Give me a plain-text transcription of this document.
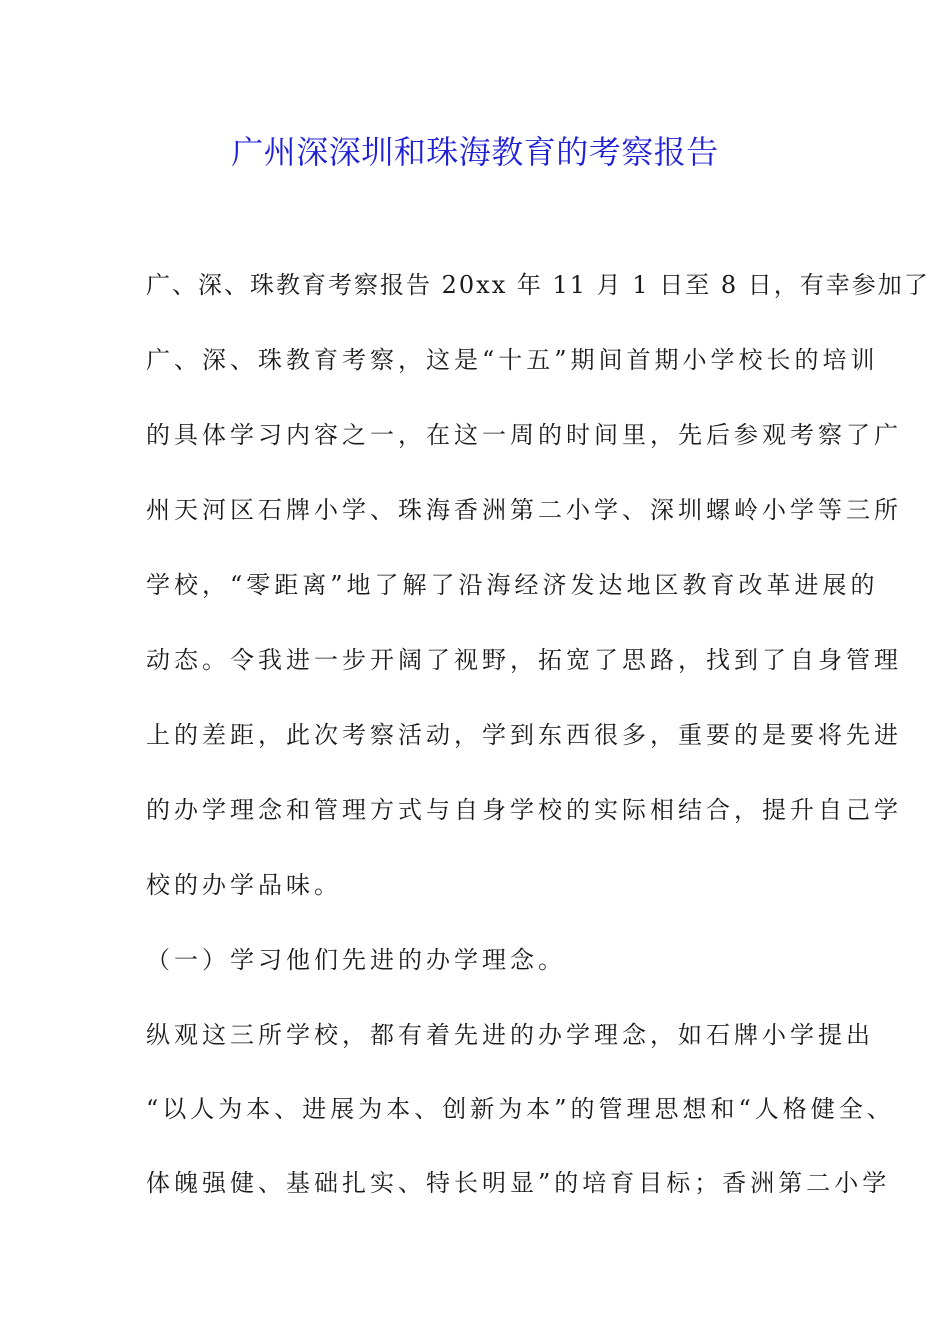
广州深深圳和珠海教育的考察报告
广、深、珠教育考察报告 20xx 年 11 月 1 日至 8 日，有幸参加了
广、深、珠教育考察，这是“十五”期间首期小学校长的培训
的具体学习内容之一，在这一周的时间里，先后参观考察了广
州天河区石牌小学、珠海香洲第二小学、深圳螺岭小学等三所
学校，“零距离”地了解了沿海经济发达地区教育改革进展的
动态。令我进一步开阔了视野，拓宽了思路，找到了自身管理
上的差距，此次考察活动，学到东西很多，重要的是要将先进
的办学理念和管理方式与自身学校的实际相结合，提升自己学
校的办学品味。
（一）学习他们先进的办学理念。
纵观这三所学校，都有着先进的办学理念，如石牌小学提出
“以人为本、进展为本、创新为本”的管理思想和“人格健全、
体魄强健、基础扎实、特长明显”的培育目标；香洲第二小学
